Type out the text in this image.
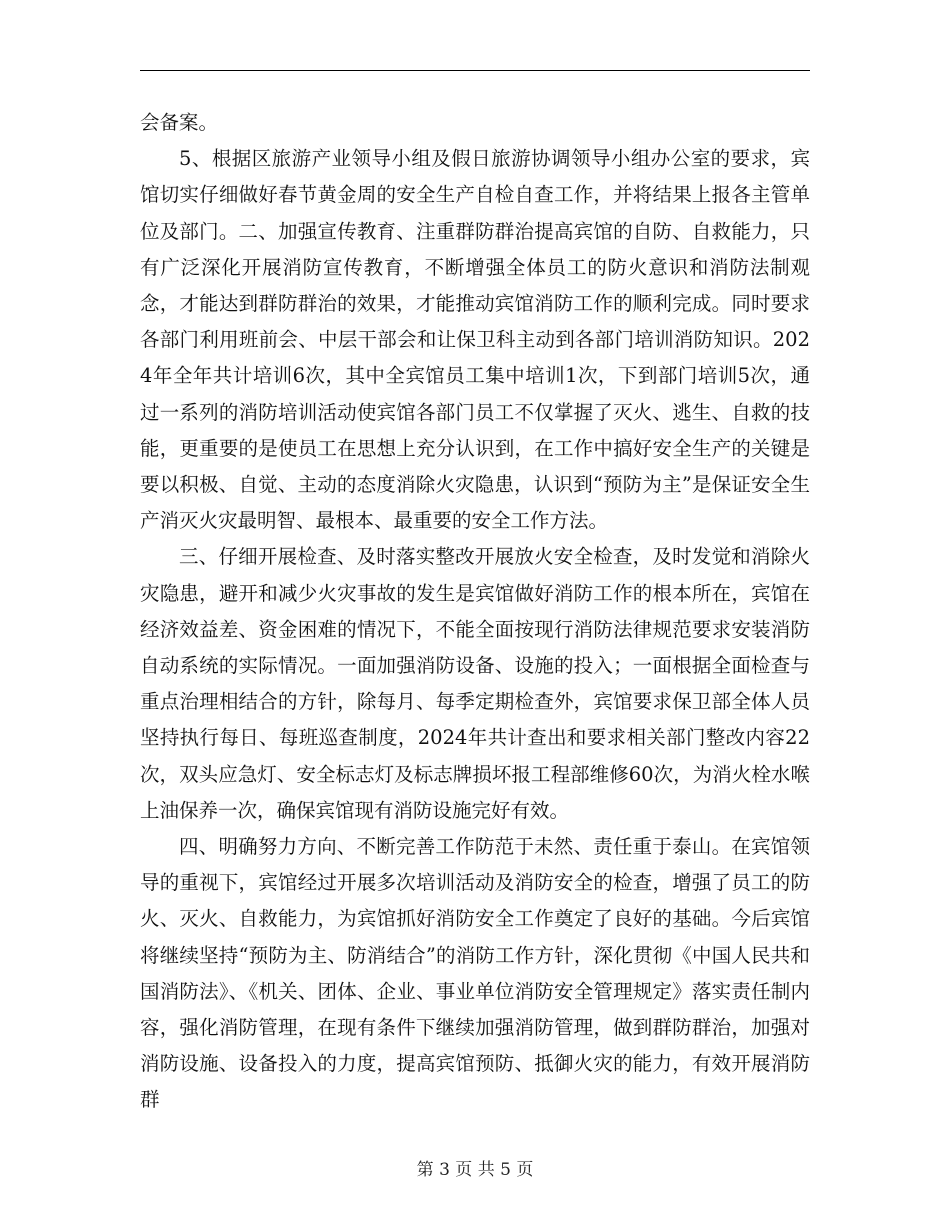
会备案。

5、根据区旅游产业领导小组及假日旅游协调领导小组办公室的要求，宾馆切实仔细做好春节黄金周的安全生产自检自查工作，并将结果上报各主管单位及部门。二、加强宣传教育、注重群防群治提高宾馆的自防、自救能力，只有广泛深化开展消防宣传教育，不断增强全体员工的防火意识和消防法制观念，才能达到群防群治的效果，才能推动宾馆消防工作的顺利完成。同时要求各部门利用班前会、中层干部会和让保卫科主动到各部门培训消防知识。2024年全年共计培训6次，其中全宾馆员工集中培训1次，下到部门培训5次，通过一系列的消防培训活动使宾馆各部门员工不仅掌握了灭火、逃生、自救的技能，更重要的是使员工在思想上充分认识到，在工作中搞好安全生产的关键是要以积极、自觉、主动的态度消除火灾隐患，认识到“预防为主”是保证安全生产消灭火灾最明智、最根本、最重要的安全工作方法。

三、仔细开展检查、及时落实整改开展放火安全检查，及时发觉和消除火灾隐患，避开和减少火灾事故的发生是宾馆做好消防工作的根本所在，宾馆在经济效益差、资金困难的情况下，不能全面按现行消防法律规范要求安装消防自动系统的实际情况。一面加强消防设备、设施的投入；一面根据全面检查与重点治理相结合的方针，除每月、每季定期检查外，宾馆要求保卫部全体人员坚持执行每日、每班巡查制度，2024年共计查出和要求相关部门整改内容22次，双头应急灯、安全标志灯及标志牌损坏报工程部维修60次，为消火栓水喉上油保养一次，确保宾馆现有消防设施完好有效。

四、明确努力方向、不断完善工作防范于未然、责任重于泰山。在宾馆领导的重视下，宾馆经过开展多次培训活动及消防安全的检查，增强了员工的防火、灭火、自救能力，为宾馆抓好消防安全工作奠定了良好的基础。今后宾馆将继续坚持“预防为主、防消结合”的消防工作方针，深化贯彻《中国人民共和国消防法》、《机关、团体、企业、事业单位消防安全管理规定》落实责任制内容，强化消防管理，在现有条件下继续加强消防管理，做到群防群治，加强对消防设施、设备投入的力度，提高宾馆预防、抵御火灾的能力，有效开展消防群

第 3 页 共 5 页
